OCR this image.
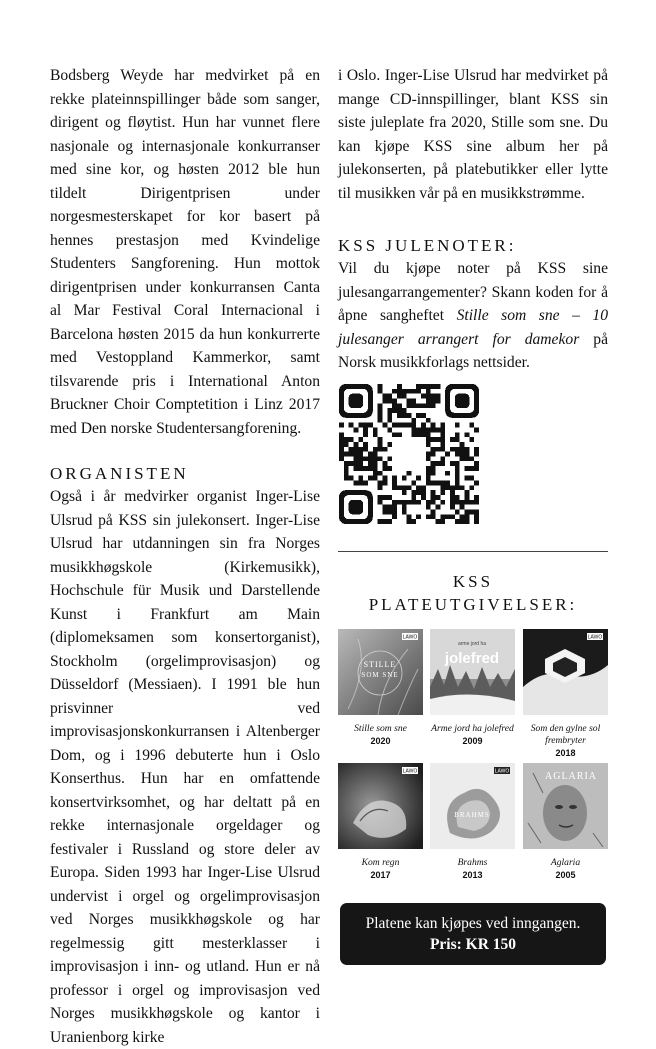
Bodsberg Weyde har medvirket på en rekke plateinnspillinger både som sanger, dirigent og fløytist. Hun har vunnet flere nasjonale og internasjonale konkurranser med sine kor, og høsten 2012 ble hun tildelt Dirigentprisen under norgesmesterskapet for kor basert på hennes prestasjon med Kvindelige Studenters Sangforening. Hun mottok dirigentprisen under konkurransen Canta al Mar Festival Coral Internacional i Barcelona høsten 2015 da hun konkurrerte med Vestoppland Kammerkor, samt tilsvarende pris i International Anton Bruckner Choir Comptetition i Linz 2017 med Den norske Studentersangforening.

ORGANISTEN

Også i år medvirker organist Inger-Lise Ulsrud på KSS sin julekonsert. Inger-Lise Ulsrud har utdanningen sin fra Norges musikkhøgskole (Kirkemusikk), Hochschule für Musik und Darstellende Kunst i Frankfurt am Main (diplomeksamen som konsertorganist), Stockholm (orgelimprovisasjon) og Düsseldorf (Messiaen). I 1991 ble hun prisvinner ved improvisasjonskonkurransen i Altenberger Dom, og i 1996 debuterte hun i Oslo Konserthus. Hun har en omfattende konsertvirksomhet, og har deltatt på en rekke internasjonale orgeldager og festivaler i Russland og store deler av Europa. Siden 1993 har Inger-Lise Ulsrud undervist i orgel og orgelimprovisasjon ved Norges musikkhøgskole og har regelmessig gitt mesterklasser i improvisasjon i inn- og utland. Hun er nå professor i orgel og improvisasjon ved Norges musikkhøgskole og kantor i Uranienborg kirke

i Oslo. Inger-Lise Ulsrud har medvirket på mange CD-innspillinger, blant KSS sin siste juleplate fra 2020, Stille som sne. Du kan kjøpe KSS sine album her på julekonserten, på platebutikker eller lytte til musikken vår på en musikkstrømme.

KSS JULENOTER:

Vil du kjøpe noter på KSS sine julesangarrangementer? Skann koden for å åpne sangheftet Stille som sne – 10 julesanger arrangert for damekor på Norsk musikkforlags nettsider.

KSS
PLATEUTGIVELSER:
STILLE
SOM SNE
LAWO
Stille som sne
2020
arme jord ha
jolefred
Arme jord ha jolefred
2009
LAWO
Som den gylne sol frembryter
2018
LAWO
Kom regn
2017
BRAHMS
LAWO
Brahms
2013
AGLARIA
Aglaria
2005
Platene kan kjøpes ved inngangen.
Pris: KR 150
